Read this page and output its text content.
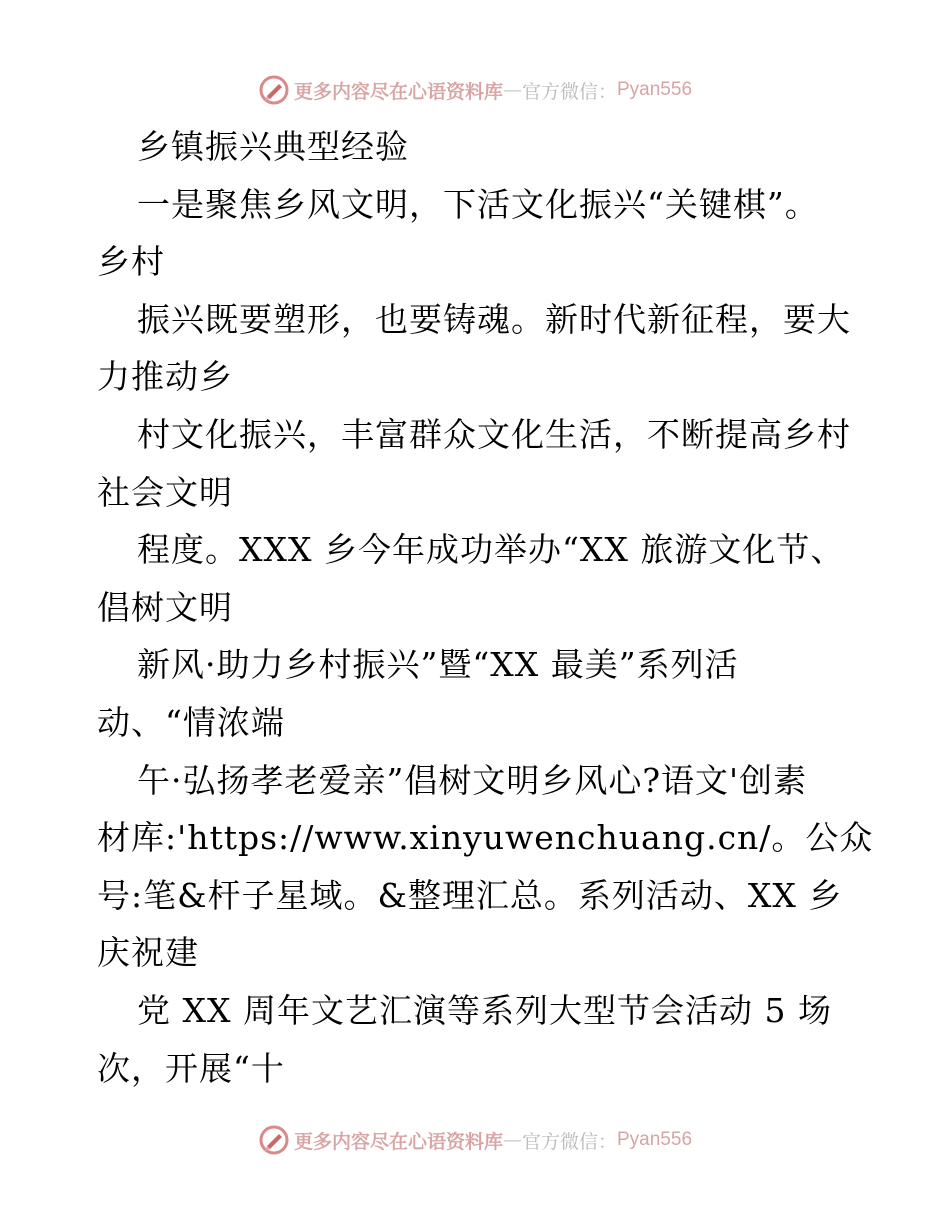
更多内容尽在心语资料库 — 官方微信： Pyan556
乡镇振兴典型经验
一是聚焦乡风文明，下活文化振兴“关键棋”。
乡村
振兴既要塑形，也要铸魂。新时代新征程，要大
力推动乡
村文化振兴，丰富群众文化生活，不断提高乡村
社会文明
程度。XXX 乡今年成功举办“XX 旅游文化节、
倡树文明
新风·助力乡村振兴”暨“XX 最美”系列活
动、“情浓端
午·弘扬孝老爱亲”倡树文明乡风心?语文'创素
材库:'https://www.xinyuwenchuang.cn/。公众
号:笔&杆子星域。&整理汇总。系列活动、XX 乡
庆祝建
党 XX 周年文艺汇演等系列大型节会活动 5 场
次，开展“十
更多内容尽在心语资料库 — 官方微信： Pyan556
